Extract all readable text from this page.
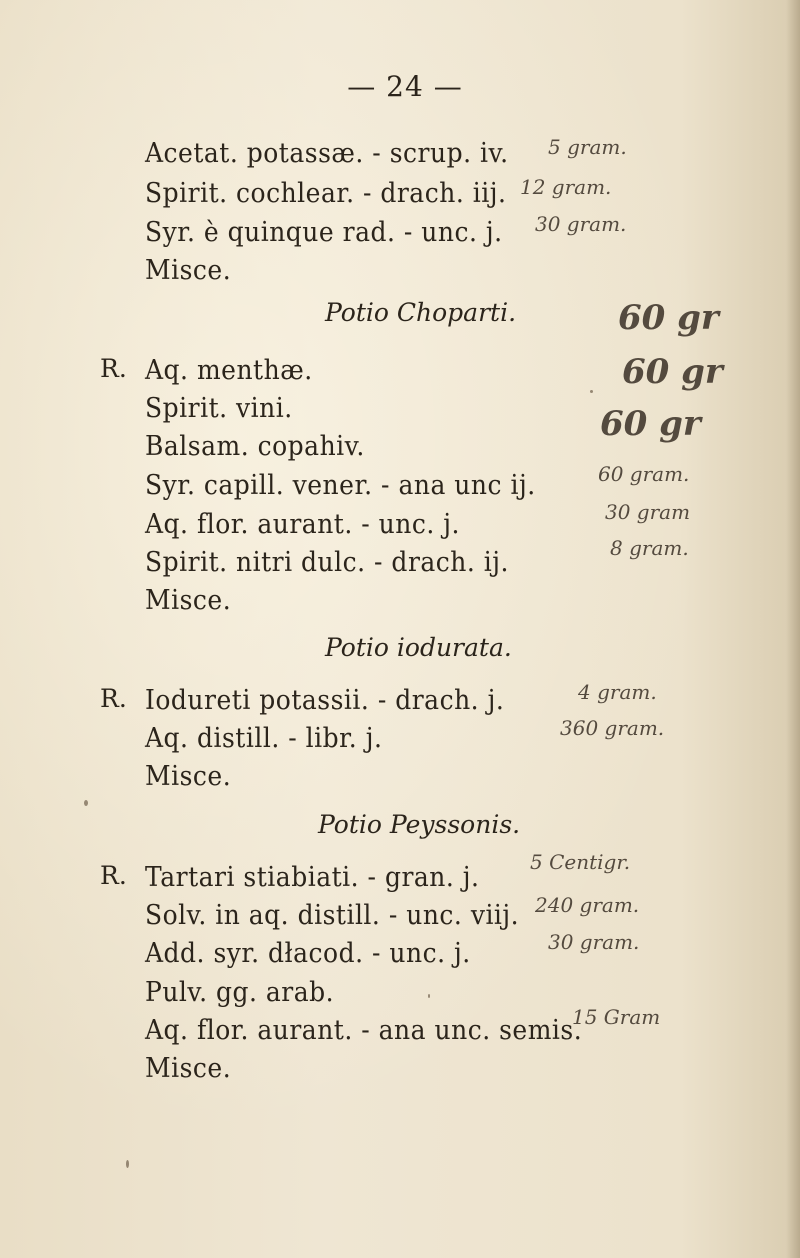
— 24 —
Acetat. potassæ. - scrup. iv.
Spirit. cochlear. - drach. iij.
Syr. è quinque rad. - unc. j.
Misce.
Potio Choparti.
R. Aq. menthæ.
Spirit. vini.
Balsam. copahiv.
Syr. capill. vener. - ana unc ij.
Aq. flor. aurant. - unc. j.
Spirit. nitri dulc. - drach. ij.
Misce.
Potio iodurata.
R. Iodureti potassii. - drach. j.
Aq. distill. - libr. j.
Misce.
Potio Peyssonis.
R. Tartari stiabiati. - gran. j.
Solv. in aq. distill. - unc. viij.
Add. syr. dłacod. - unc. j.
Pulv. gg. arab.
Aq. flor. aurant. - ana unc. semis.
Misce.
5 gram.
12 gram.
30 gram.
60 gr
60 gr
60 gr
60 gram.
30 gram
8 gram.
4 gram.
360 gram.
5 Centigr.
240 gram.
30 gram.
15 Gram
